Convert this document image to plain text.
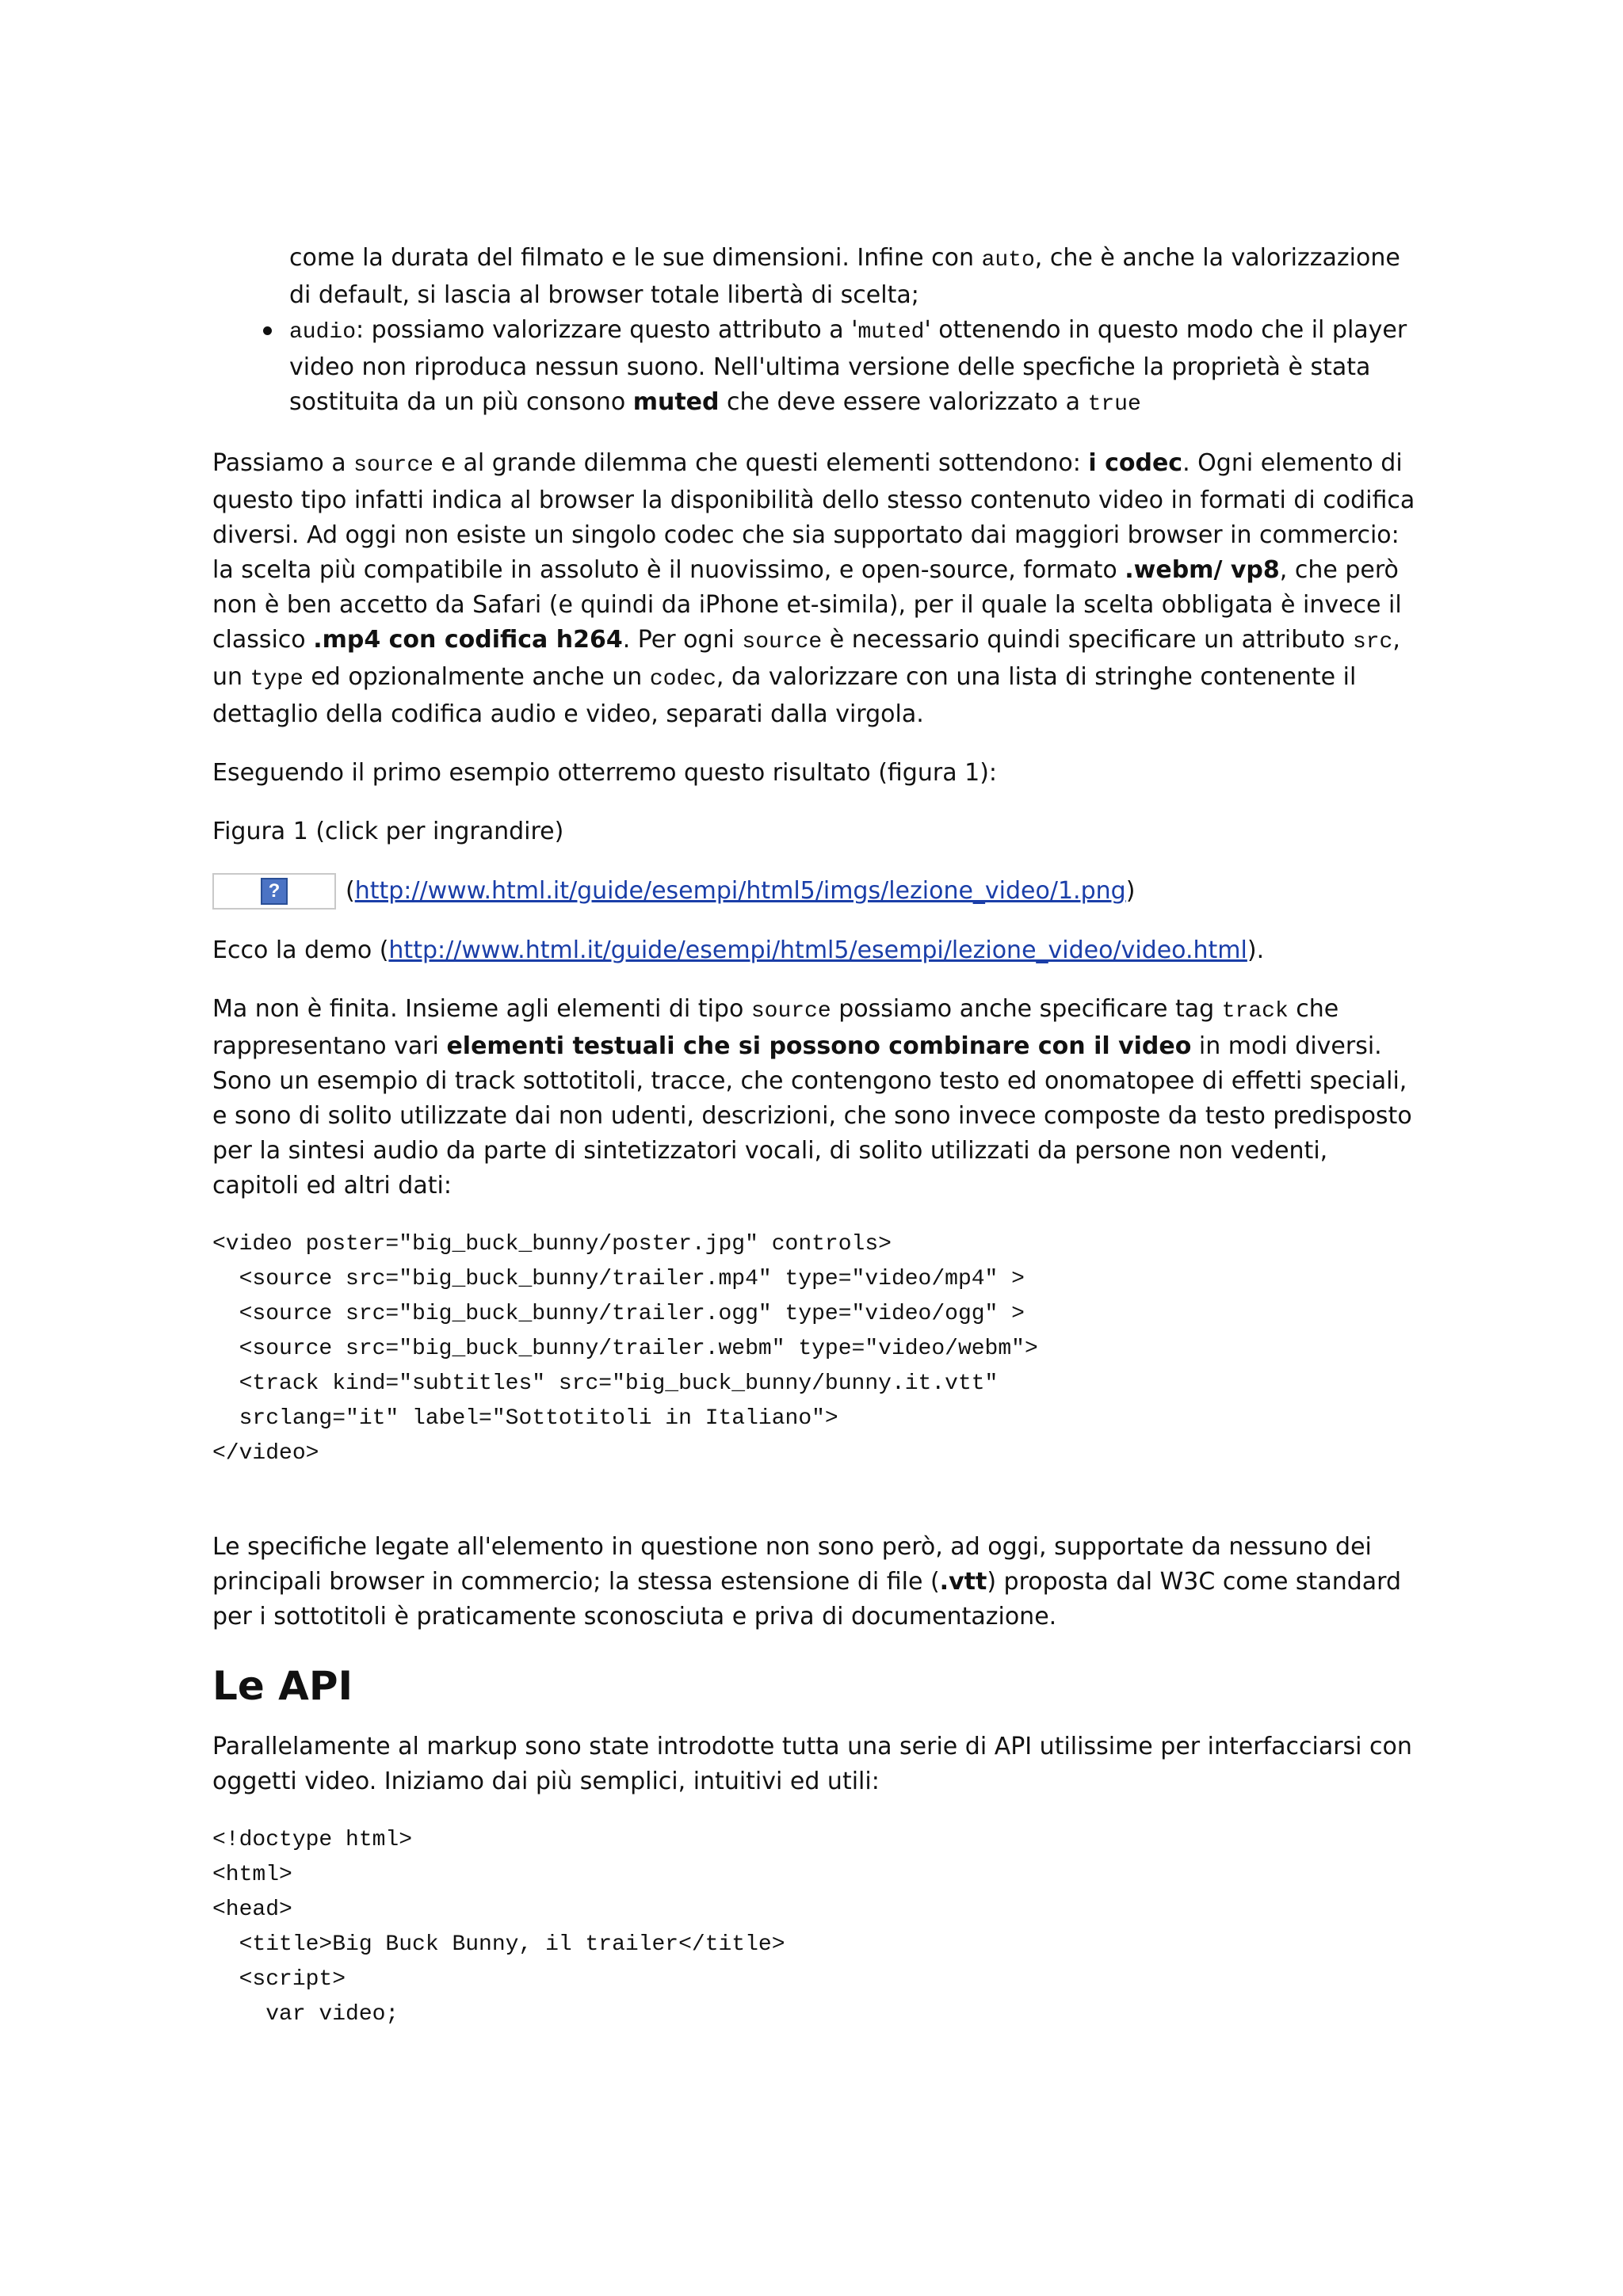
come la durata del filmato e le sue dimensioni. Infine con auto, che è anche la valorizzazione
di default, si lascia al browser totale libertà di scelta;
audio: possiamo valorizzare questo attributo a 'muted' ottenendo in questo modo che il player video non riproduca nessun suono. Nell'ultima versione delle specfiche la proprietà è stata sostituita da un più consono muted che deve essere valorizzato a true

Passiamo a source e al grande dilemma che questi elementi sottendono: i codec. Ogni elemento di questo tipo infatti indica al browser la disponibilità dello stesso contenuto video in formati di codifica diversi. Ad oggi non esiste un singolo codec che sia supportato dai maggiori browser in commercio: la scelta più compatibile in assoluto è il nuovissimo, e open-source, formato .webm/ vp8, che però non è ben accetto da Safari (e quindi da iPhone et-simila), per il quale la scelta obbligata è invece il classico .mp4 con codifica h264. Per ogni source è necessario quindi specificare un attributo src, un type ed opzionalmente anche un codec, da valorizzare con una lista di stringhe contenente il dettaglio della codifica audio e video, separati dalla virgola.

Eseguendo il primo esempio otterremo questo risultato (figura 1):

Figura 1 (click per ingrandire)

?	( http://www.html.it/guide/esempi/html5/imgs/lezione_video/1.png )

Ecco la demo (http://www.html.it/guide/esempi/html5/esempi/lezione_video/video.html).

Ma non è finita. Insieme agli elementi di tipo source possiamo anche specificare tag track che rappresentano vari elementi testuali che si possono combinare con il video in modi diversi. Sono un esempio di track sottotitoli, tracce, che contengono testo ed onomatopee di effetti speciali, e sono di solito utilizzate dai non udenti, descrizioni, che sono invece composte da testo predisposto per la sintesi audio da parte di sintetizzatori vocali, di solito utilizzati da persone non vedenti, capitoli ed altri dati:

<video poster="big_buck_bunny/poster.jpg" controls>
<source src="big_buck_bunny/trailer.mp4" type="video/mp4" >
<source src="big_buck_bunny/trailer.ogg" type="video/ogg" >
<source src="big_buck_bunny/trailer.webm" type="video/webm">
<track kind="subtitles" src="big_buck_bunny/bunny.it.vtt"
srclang="it" label="Sottotitoli in Italiano">
</video>

Le specifiche legate all'elemento in questione non sono però, ad oggi, supportate da nessuno dei principali browser in commercio; la stessa estensione di file (.vtt) proposta dal W3C come standard per i sottotitoli è praticamente sconosciuta e priva di documentazione.

Le API

Parallelamente al markup sono state introdotte tutta una serie di API utilissime per interfacciarsi con oggetti video. Iniziamo dai più semplici, intuitivi ed utili:

<!doctype html>
<html>
<head>
<title>Big Buck Bunny, il trailer</title>
<script>
var video;
